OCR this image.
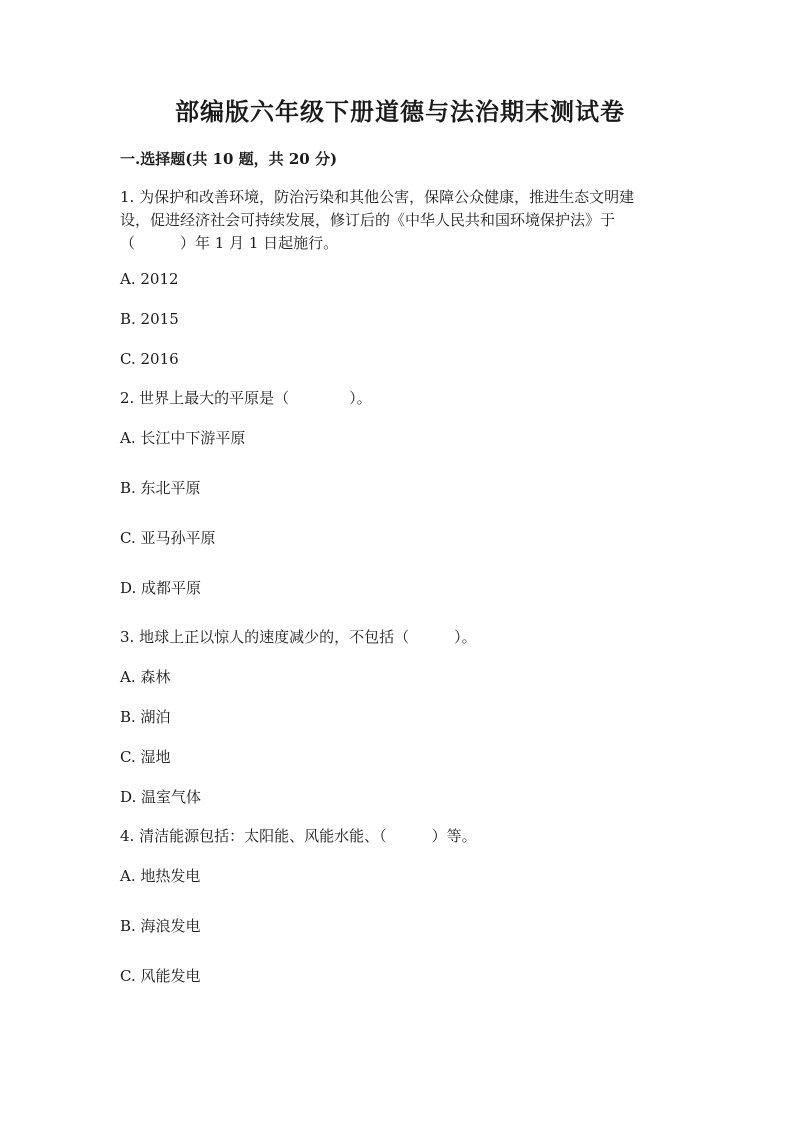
部编版六年级下册道德与法治期末测试卷
一.选择题(共 10 题，共 20 分)
1. 为保护和改善环境，防治污染和其他公害，保障公众健康，推进生态文明建
设，促进经济社会可持续发展，修订后的《中华人民共和国环境保护法》于
（　　　）年 1 月 1 日起施行。
A. 2012
B. 2015
C. 2016
2. 世界上最大的平原是（　　　　）。
A. 长江中下游平原
B. 东北平原
C. 亚马孙平原
D. 成都平原
3. 地球上正以惊人的速度减少的，不包括（　　　）。
A. 森林
B. 湖泊
C. 湿地
D. 温室气体
4. 清洁能源包括：太阳能、风能水能、（　　　）等。
A. 地热发电
B. 海浪发电
C. 风能发电
